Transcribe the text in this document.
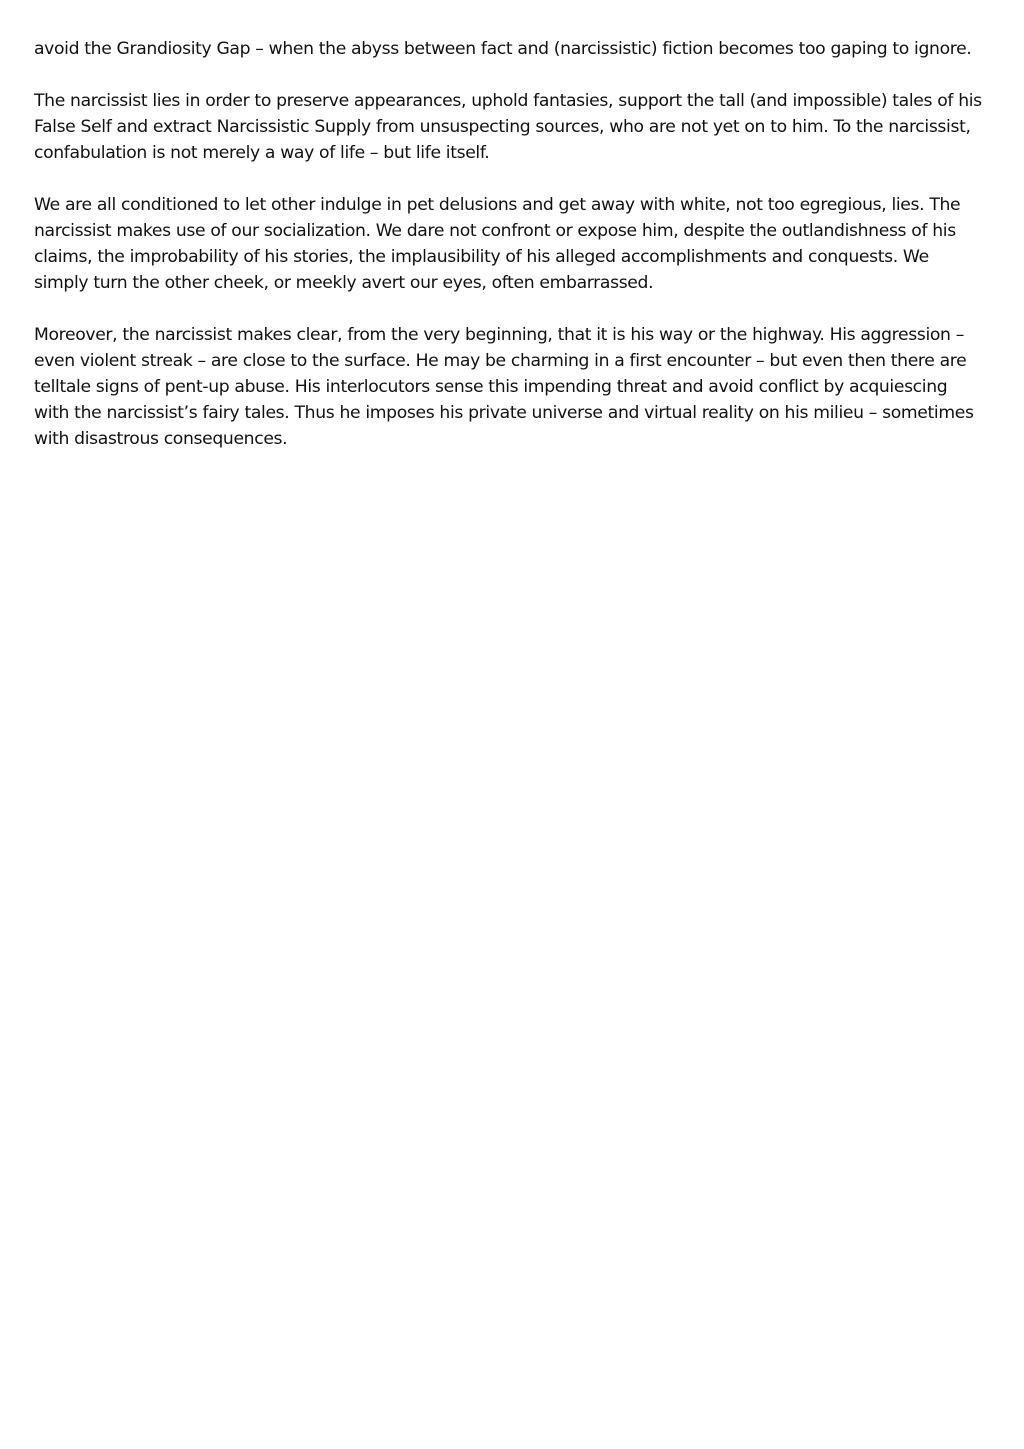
avoid the Grandiosity Gap – when the abyss between fact and (narcissistic) fiction becomes too gaping to ignore.

The narcissist lies in order to preserve appearances, uphold fantasies, support the tall (and impossible) tales of his
False Self and extract Narcissistic Supply from unsuspecting sources, who are not yet on to him. To the narcissist,
confabulation is not merely a way of life – but life itself.

We are all conditioned to let other indulge in pet delusions and get away with white, not too egregious, lies. The
narcissist makes use of our socialization. We dare not confront or expose him, despite the outlandishness of his
claims, the improbability of his stories, the implausibility of his alleged accomplishments and conquests. We
simply turn the other cheek, or meekly avert our eyes, often embarrassed.

Moreover, the narcissist makes clear, from the very beginning, that it is his way or the highway. His aggression –
even violent streak – are close to the surface. He may be charming in a first encounter – but even then there are
telltale signs of pent-up abuse. His interlocutors sense this impending threat and avoid conflict by acquiescing
with the narcissist’s fairy tales. Thus he imposes his private universe and virtual reality on his milieu – sometimes
with disastrous consequences.
